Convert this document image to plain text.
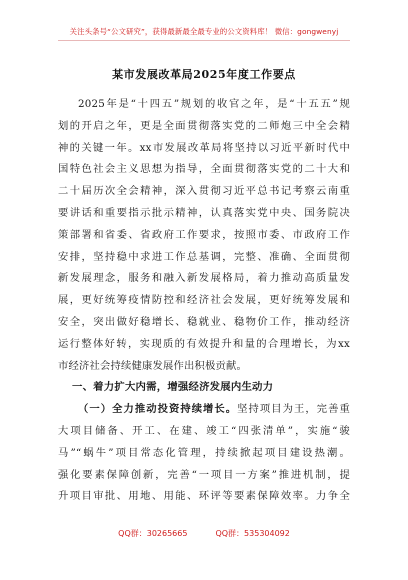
关注头条号“公文研究”，获得最新最全最专业的公文资料库！ 微信：gongwenyj
某市发展改革局2025年度工作要点
2025年是“十四五”规划的收官之年，是“十五五”规
划的开启之年，更是全面贯彻落实党的二师炮三中全会精
神的关键一年。xx市发展改革局将坚持以习近平新时代中
国特色社会主义思想为指导，全面贯彻落实党的二十大和
二十届历次全会精神，深入贯彻习近平总书记考察云南重
要讲话和重要指示批示精神，认真落实党中央、国务院决
策部署和省委、省政府工作要求，按照市委、市政府工作
安排，坚持稳中求进工作总基调，完整、准确、全面贯彻
新发展理念，服务和融入新发展格局，着力推动高质量发
展，更好统筹疫情防控和经济社会发展，更好统筹发展和
安全，突出做好稳增长、稳就业、稳物价工作，推动经济
运行整体好转，实现质的有效提升和量的合理增长，为xx
市经济社会持续健康发展作出积极贡献。
一、着力扩大内需，增强经济发展内生动力
（一）全力推动投资持续增长。坚持项目为王，完善重
大项目储备、开工、在建、竣工“四张清单”，实施“骏
马”“蜗牛”项目常态化管理，持续掀起项目建设热潮。
强化要素保障创新，完善“一项目一方案”推进机制，提
升项目审批、用地、用能、环评等要素保障效率。力争全
QQ群：30265665	QQ群：535304092
